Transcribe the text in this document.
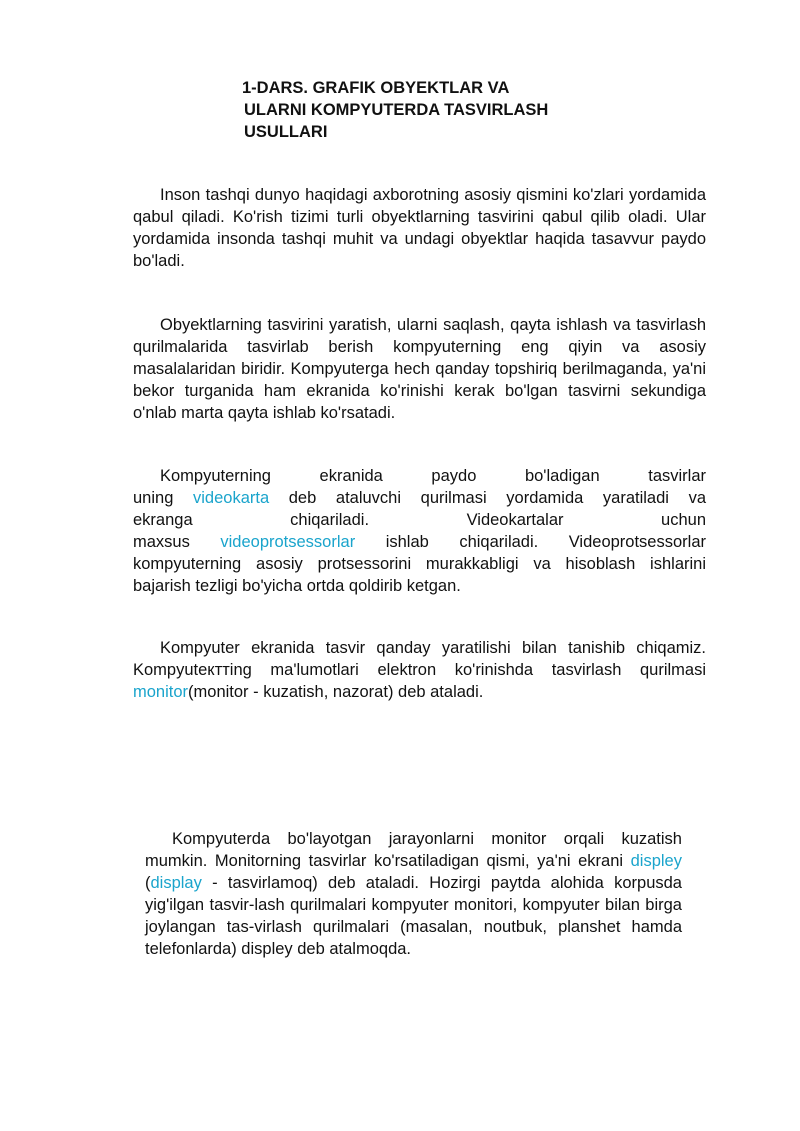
1-DARS. GRAFIK OBYEKTLAR VA
ULARNI KOMPYUTERDA TASVIRLASH
USULLARI
Inson tashqi dunyo haqidagi axborotning asosiy qismini ko'zlari yordamida qabul qiladi. Ko'rish tizimi turli obyektlarning tasvirini qabul qilib oladi. Ular yordamida insonda tashqi muhit va undagi obyektlar haqida tasavvur paydo bo'ladi.
Obyektlarning tasvirini yaratish, ularni saqlash, qayta ishlash va tasvirlash qurilmalarida tasvirlab berish kompyuterning eng qiyin va asosiy masalalaridan biridir. Kompyuterga hech qanday topshiriq berilmaganda, ya'ni bekor turganida ham ekranida ko'rinishi kerak bo'lgan tasvirni sekundiga o'nlab marta qayta ishlab ko'rsatadi.
Kompyuterning ekranida paydo bo'ladigan tasvirlar
uning videokarta deb ataluvchi qurilmasi yordamida yaratiladi va
ekranga chiqariladi. Videokartalar uchun
maxsus videoprotsessorlar ishlab chiqariladi. Videoprotsessorlar
kompyuterning asosiy protsessorini murakkabligi va hisoblash ishlarini bajarish tezligi bo'yicha ortda qoldirib ketgan.
Kompyuter ekranida tasvir qanday yaratilishi bilan tanishib chiqamiz. Kompyutекттing ma'lumotlari elektron ko'rinishda tasvirlash qurilmasi monitor(monitor - kuzatish, nazorat) deb ataladi.
Kompyuterda bo'layotgan jarayonlarni monitor orqali kuzatish mumkin. Monitorning tasvirlar ko'rsatiladigan qismi, ya'ni ekrani displey (display - tasvirlamoq) deb ataladi. Hozirgi paytda alohida korpusda yig'ilgan tasvir-lash qurilmalari kompyuter monitori, kompyuter bilan birga joylangan tas-virlash qurilmalari (masalan, noutbuk, planshet hamda telefonlarda) displey deb atalmoqda.
